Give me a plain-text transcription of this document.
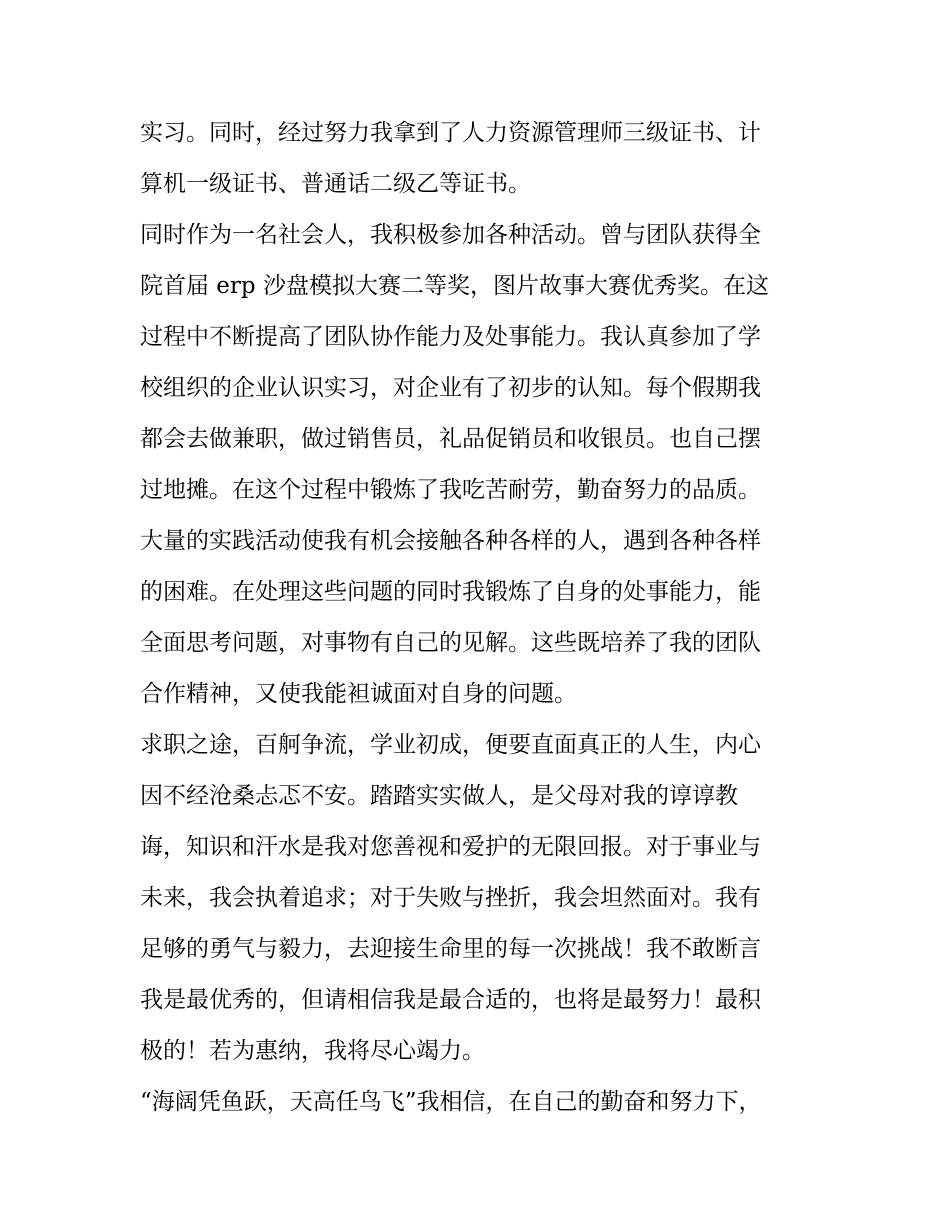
实习。同时，经过努力我拿到了人力资源管理师三级证书、计
算机一级证书、普通话二级乙等证书。
同时作为一名社会人，我积极参加各种活动。曾与团队获得全
院首届 erp 沙盘模拟大赛二等奖，图片故事大赛优秀奖。在这
过程中不断提高了团队协作能力及处事能力。我认真参加了学
校组织的企业认识实习，对企业有了初步的认知。每个假期我
都会去做兼职，做过销售员，礼品促销员和收银员。也自己摆
过地摊。在这个过程中锻炼了我吃苦耐劳，勤奋努力的品质。
大量的实践活动使我有机会接触各种各样的人，遇到各种各样
的困难。在处理这些问题的同时我锻炼了自身的处事能力，能
全面思考问题，对事物有自己的见解。这些既培养了我的团队
合作精神，又使我能袒诚面对自身的问题。
求职之途，百舸争流，学业初成，便要直面真正的人生，内心
因不经沧桑忐忑不安。踏踏实实做人，是父母对我的谆谆教
诲，知识和汗水是我对您善视和爱护的无限回报。对于事业与
未来，我会执着追求；对于失败与挫折，我会坦然面对。我有
足够的勇气与毅力，去迎接生命里的每一次挑战！我不敢断言
我是最优秀的，但请相信我是最合适的，也将是最努力！最积
极的！若为惠纳，我将尽心竭力。
“海阔凭鱼跃，天高任鸟飞”我相信，在自己的勤奋和努力下，
